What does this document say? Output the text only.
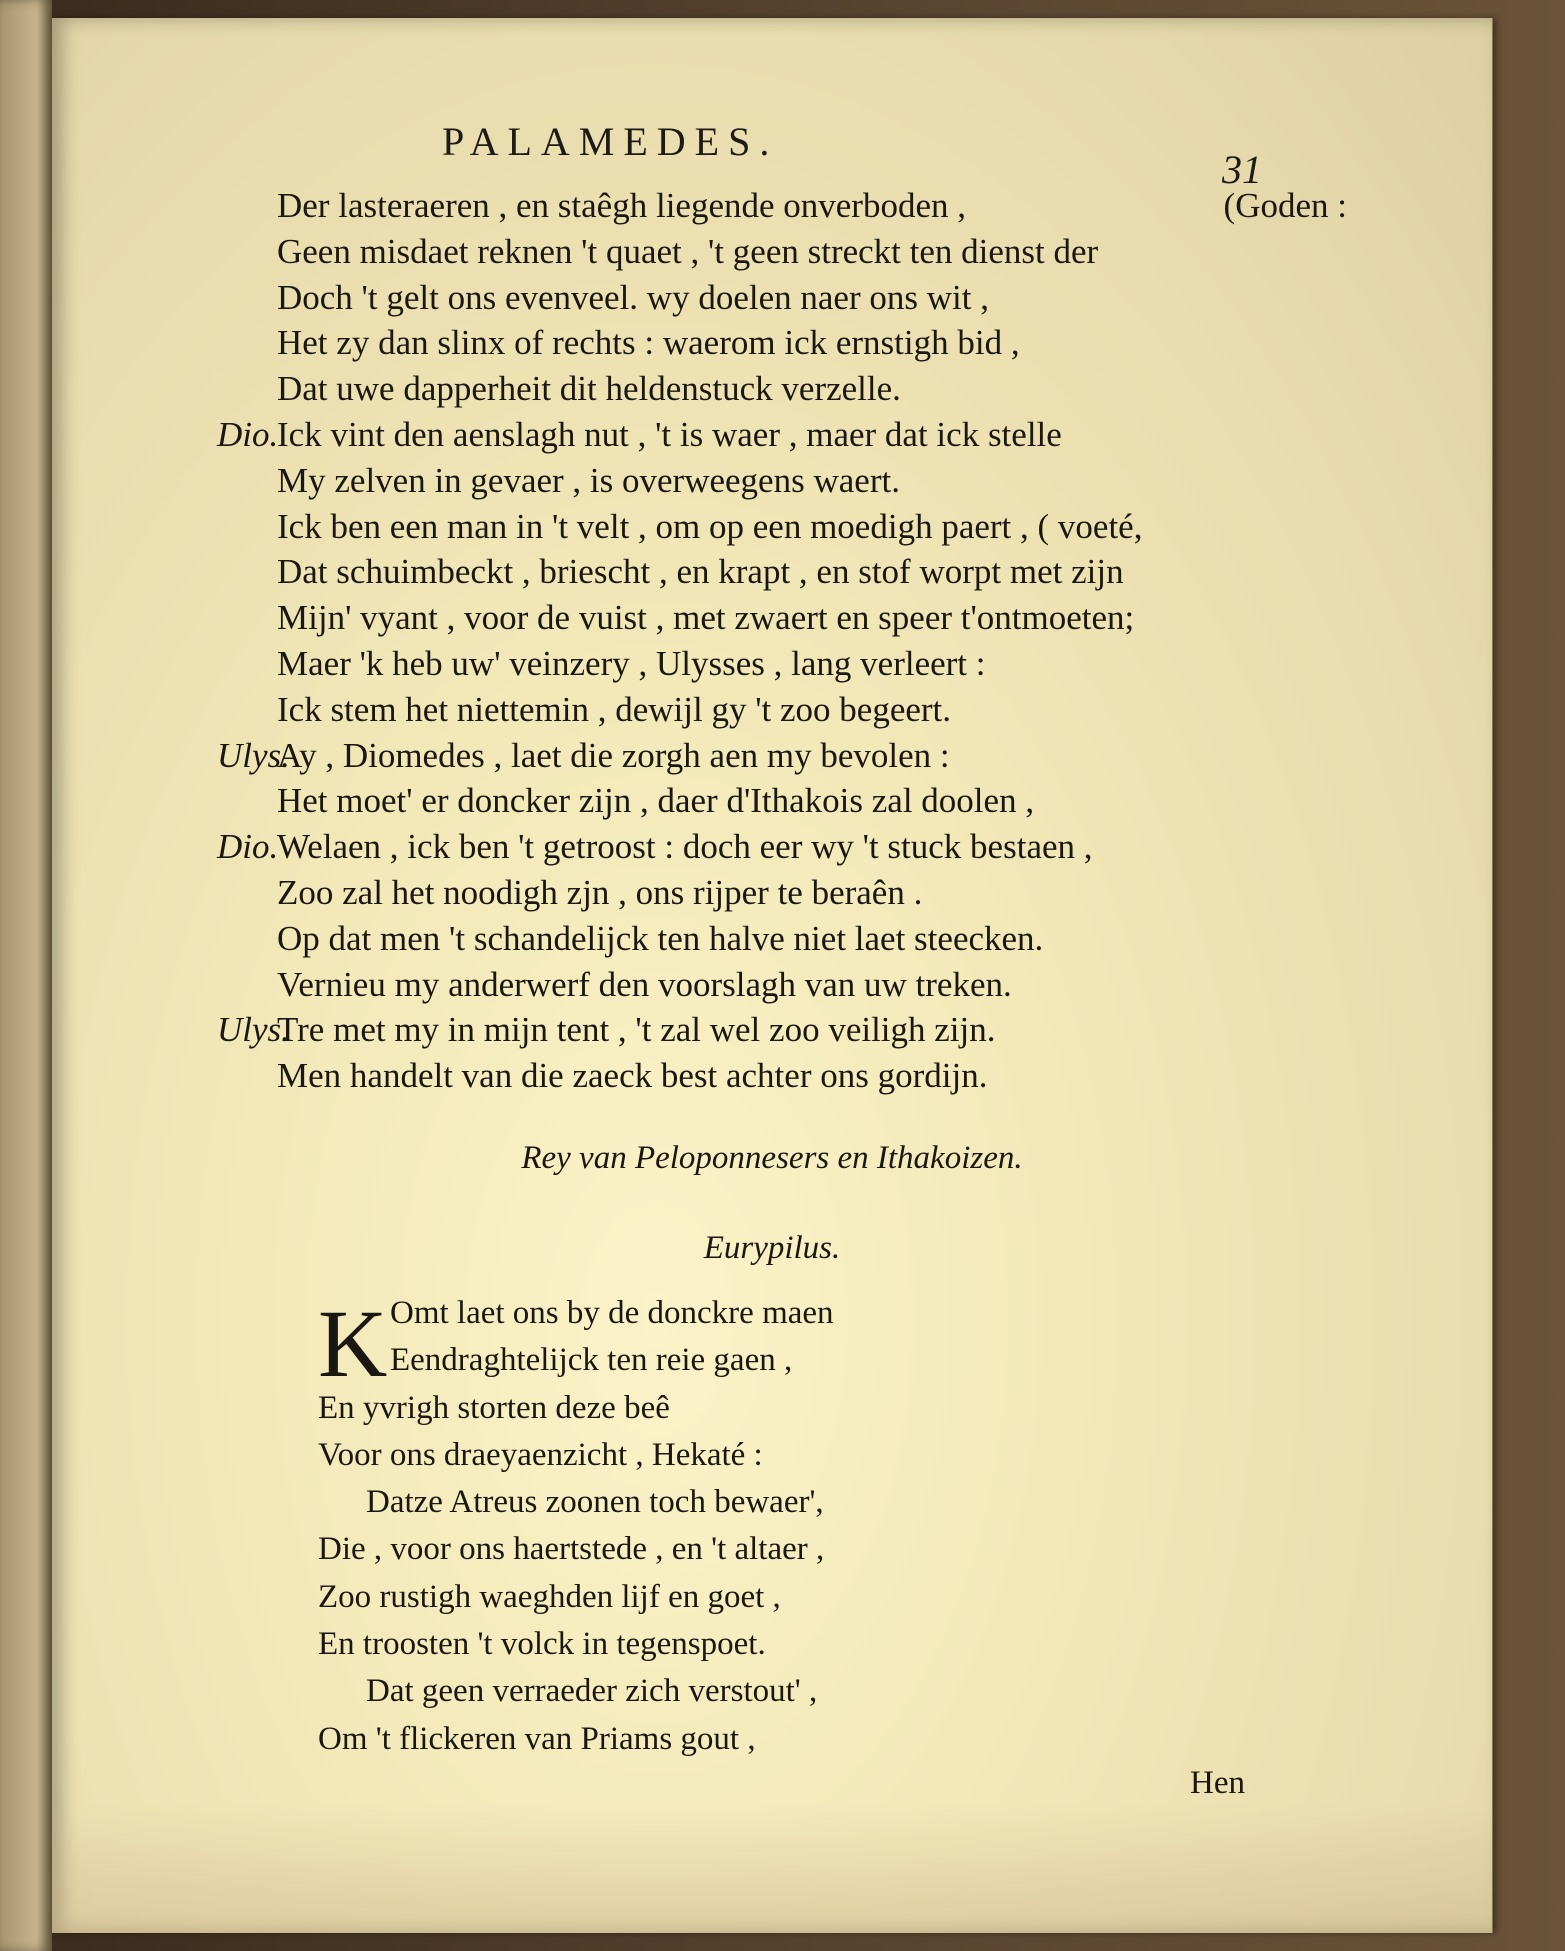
PALAMEDES.
31
Der lasteraeren , en staêgh liegende onverboden ,	(Goden :
Geen misdaet reknen 't quaet , 't geen streckt ten dienst der
Doch 't gelt ons evenveel. wy doelen naer ons wit ,
Het zy dan slinx of rechts : waerom ick ernstigh bid ,
Dat uwe dapperheit dit heldenstuck verzelle.
Dio.Ick vint den aenslagh nut , 't is waer , maer dat ick stelle
My zelven in gevaer , is overweegens waert.
Ick ben een man in 't velt , om op een moedigh paert , ( voeté,
Dat schuimbeckt , briescht , en krapt , en stof worpt met zijn
Mijn' vyant , voor de vuist , met zwaert en speer t'ontmoeten;
Maer 'k heb uw' veinzery , Ulysses , lang verleert :
Ick stem het niettemin , dewijl gy 't zoo begeert.
Ulys.Ay , Diomedes , laet die zorgh aen my bevolen :
Het moet' er doncker zijn , daer d'Ithakois zal doolen ,
Dio.Welaen , ick ben 't getroost : doch eer wy 't stuck bestaen ,
Zoo zal het noodigh zjn , ons rijper te beraên .
Op dat men 't schandelijck ten halve niet laet steecken.
Vernieu my anderwerf den voorslagh van uw treken.
Ulys.Tre met my in mijn tent , 't zal wel zoo veiligh zijn.
Men handelt van die zaeck best achter ons gordijn.
Rey van Peloponnesers en Ithakoizen.
Eurypilus.
K Omt laet ons by de donckre maen
Eendraghtelijck ten reie gaen ,
En yvrigh storten deze beê
Voor ons draeyaenzicht , Hekaté :
Datze Atreus zoonen toch bewaer',
Die , voor ons haertstede , en 't altaer ,
Zoo rustigh waeghden lijf en goet ,
En troosten 't volck in tegenspoet.
Dat geen verraeder zich verstout' ,
Om 't flickeren van Priams gout ,
Hen
